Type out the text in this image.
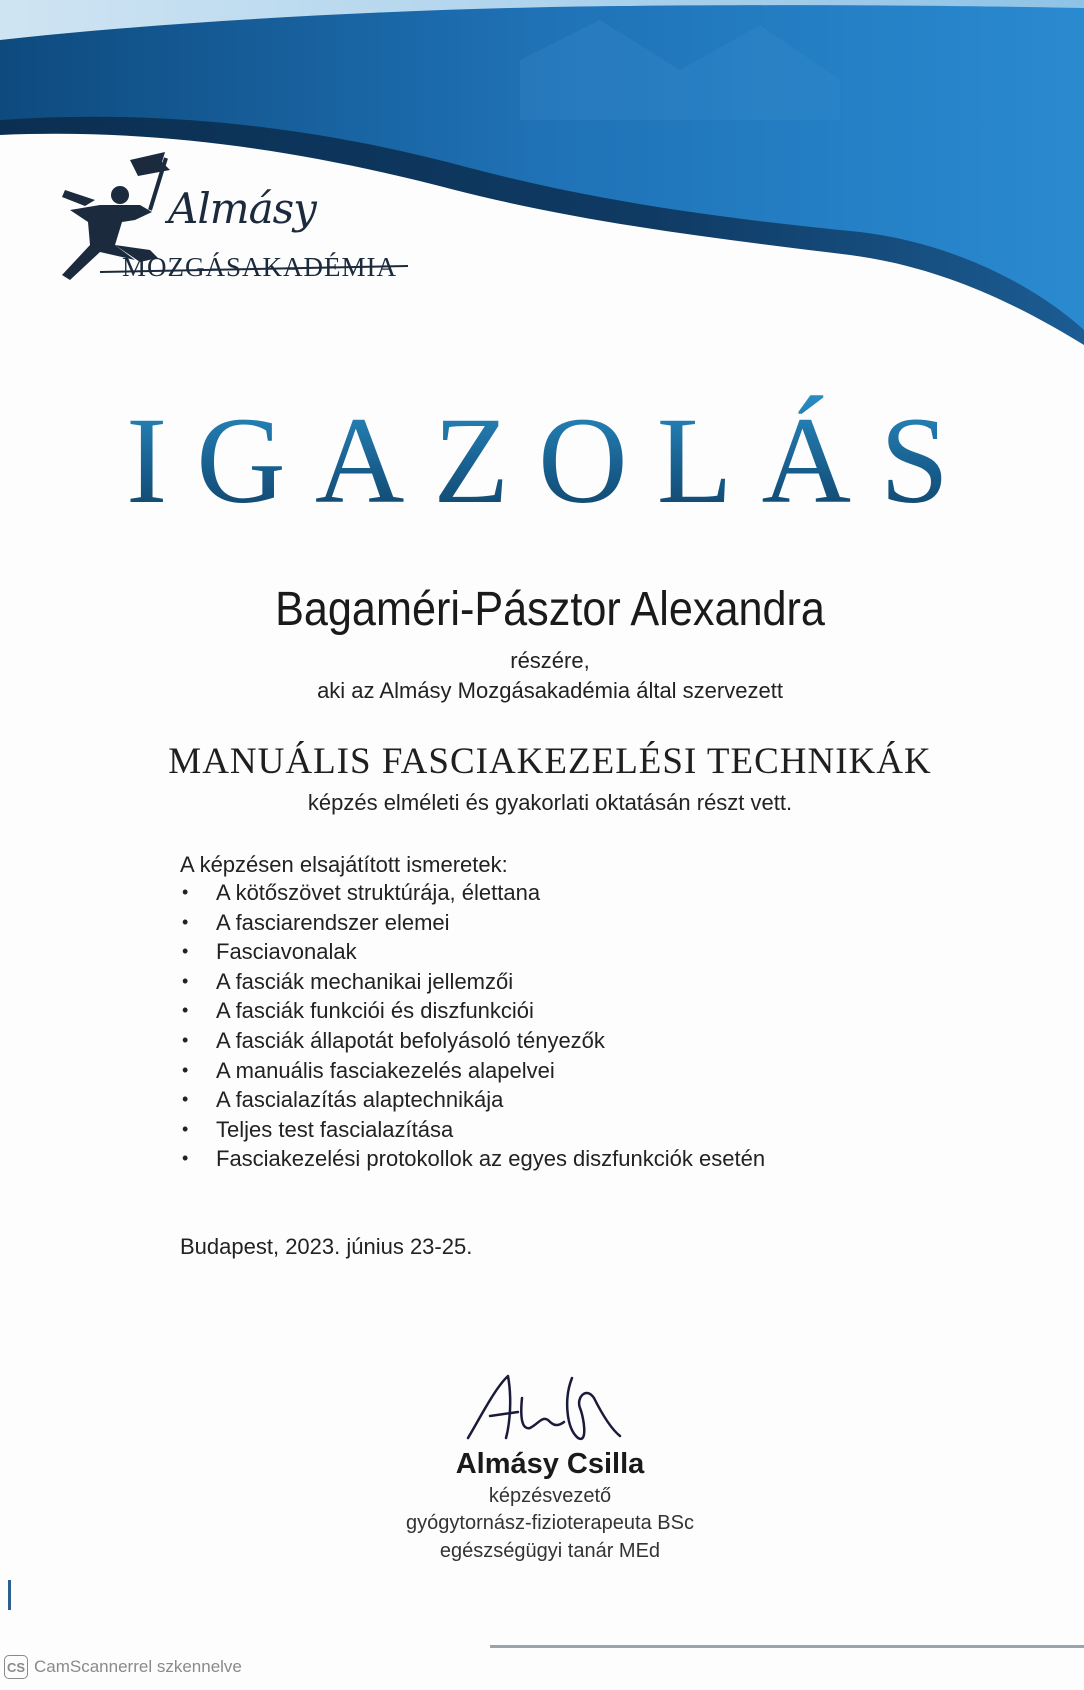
Almásy
MOZGÁSAKADÉMIA
IGAZOLÁS
Bagaméri-Pásztor Alexandra
részére,
aki az Almásy Mozgásakadémia által szervezett
MANUÁLIS FASCIAKEZELÉSI TECHNIKÁK
képzés elméleti és gyakorlati oktatásán részt vett.
A képzésen elsajátított ismeretek:
• A kötőszövet struktúrája, élettana
• A fasciarendszer elemei
• Fasciavonalak
• A fasciák mechanikai jellemzői
• A fasciák funkciói és diszfunkciói
• A fasciák állapotát befolyásoló tényezők
• A manuális fasciakezelés alapelvei
• A fascialazítás alaptechnikája
• Teljes test fascialazítása
• Fasciakezelési protokollok az egyes diszfunkciók esetén
Budapest, 2023. június 23-25.
Almásy Csilla
képzésvezető
gyógytornász-fizioterapeuta BSc
egészségügyi tanár MEd
CS CamScannerrel szkennelve
